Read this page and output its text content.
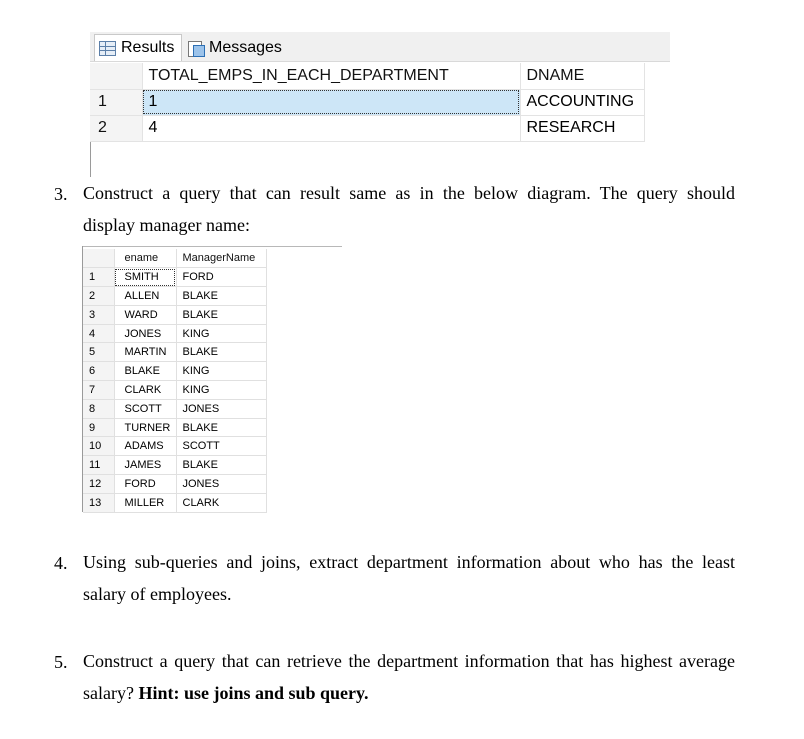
Results Messages
	TOTAL_EMPS_IN_EACH_DEPARTMENT	DNAME
1	1	ACCOUNTING
2	4	RESEARCH
3. Construct a query that can result same as in the below diagram. The query should
display manager name:
	ename	ManagerName
1	SMITH	FORD
2	ALLEN	BLAKE
3	WARD	BLAKE
4	JONES	KING
5	MARTIN	BLAKE
6	BLAKE	KING
7	CLARK	KING
8	SCOTT	JONES
9	TURNER	BLAKE
10	ADAMS	SCOTT
11	JAMES	BLAKE
12	FORD	JONES
13	MILLER	CLARK
4. Using sub-queries and joins, extract department information about who has the least
salary of employees.
5. Construct a query that can retrieve the department information that has highest average
salary? Hint: use joins and sub query.
